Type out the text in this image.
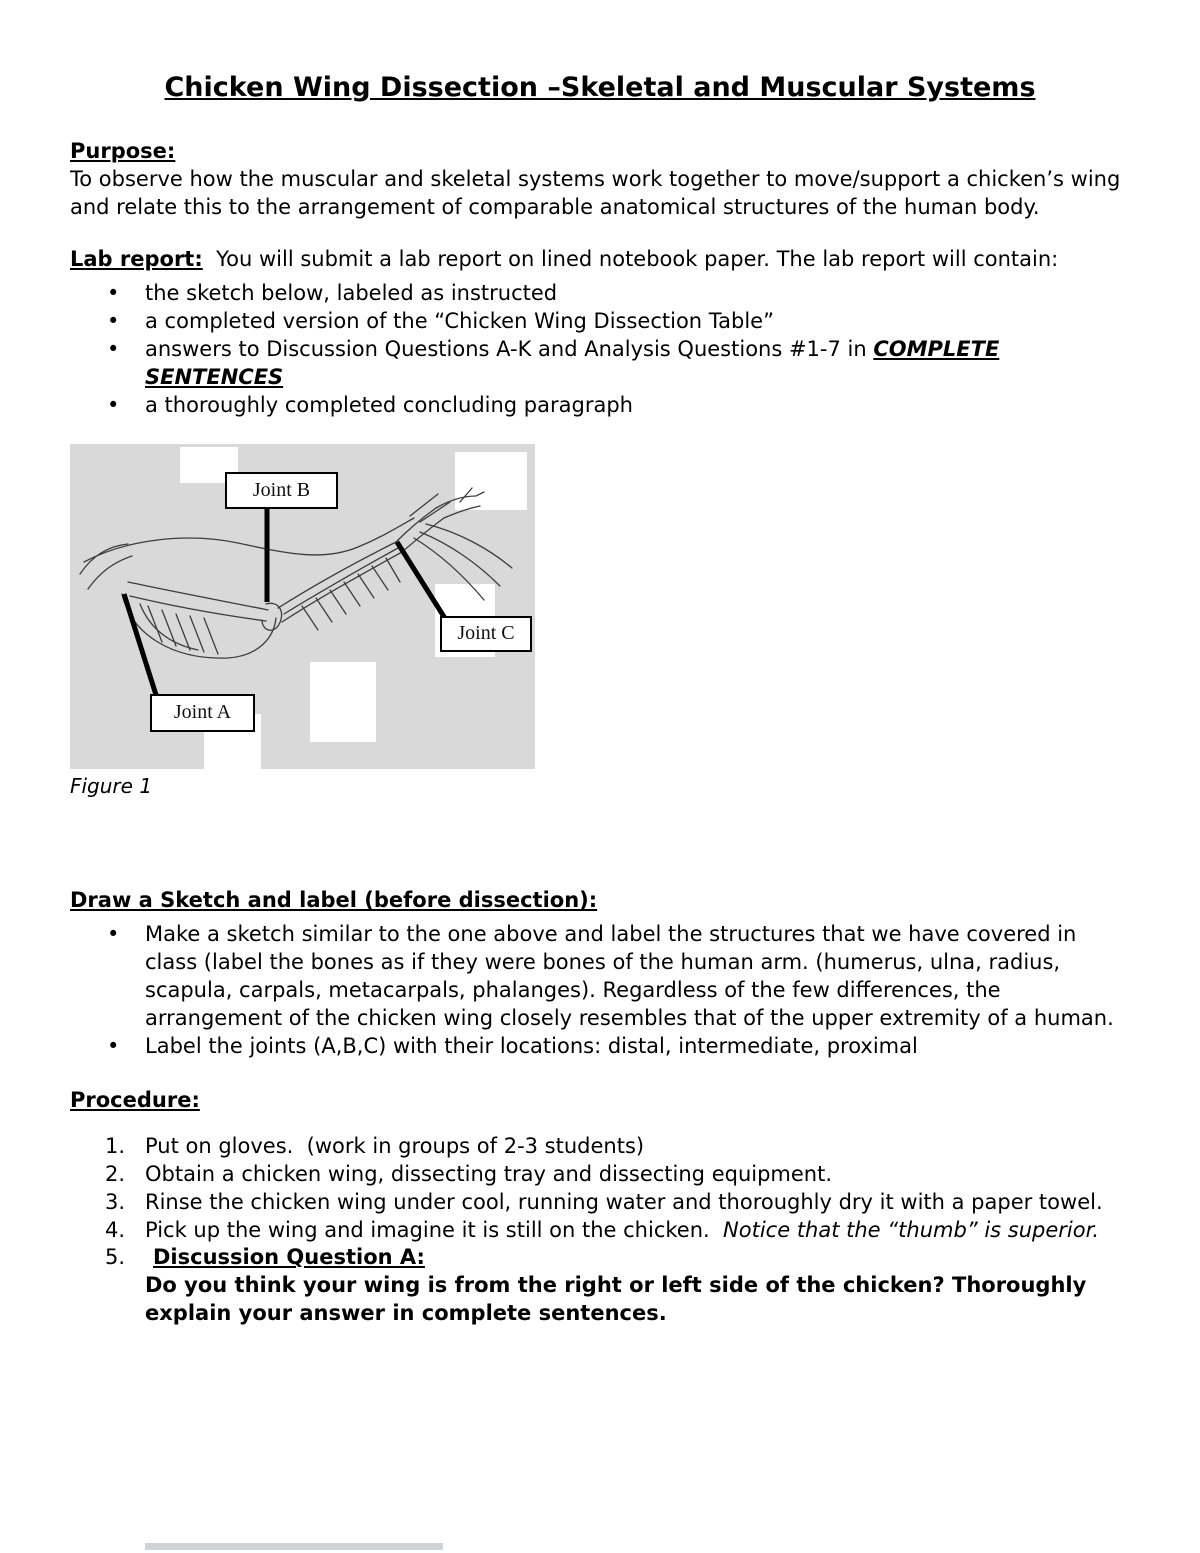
Chicken Wing Dissection –Skeletal and Muscular Systems
Purpose:
To observe how the muscular and skeletal systems work together to move/support a chicken’s wing and relate this to the arrangement of comparable anatomical structures of the human body.
Lab report:  You will submit a lab report on lined notebook paper. The lab report will contain:
• the sketch below, labeled as instructed
• a completed version of the “Chicken Wing Dissection Table”
• answers to Discussion Questions A-K and Analysis Questions #1-7 in COMPLETE SENTENCES
• a thoroughly completed concluding paragraph
Joint B
Joint C
Joint A
Figure 1
Draw a Sketch and label (before dissection):
• Make a sketch similar to the one above and label the structures that we have covered in class (label the bones as if they were bones of the human arm. (humerus, ulna, radius, scapula, carpals, metacarpals, phalanges). Regardless of the few differences, the arrangement of the chicken wing closely resembles that of the upper extremity of a human.
• Label the joints (A,B,C) with their locations: distal, intermediate, proximal
Procedure:
Put on gloves.  (work in groups of 2-3 students)
Obtain a chicken wing, dissecting tray and dissecting equipment.
Rinse the chicken wing under cool, running water and thoroughly dry it with a paper towel.
Pick up the wing and imagine it is still on the chicken.  Notice that the “thumb” is superior.
Discussion Question A:
Do you think your wing is from the right or left side of the chicken? Thoroughly explain your answer in complete sentences.
